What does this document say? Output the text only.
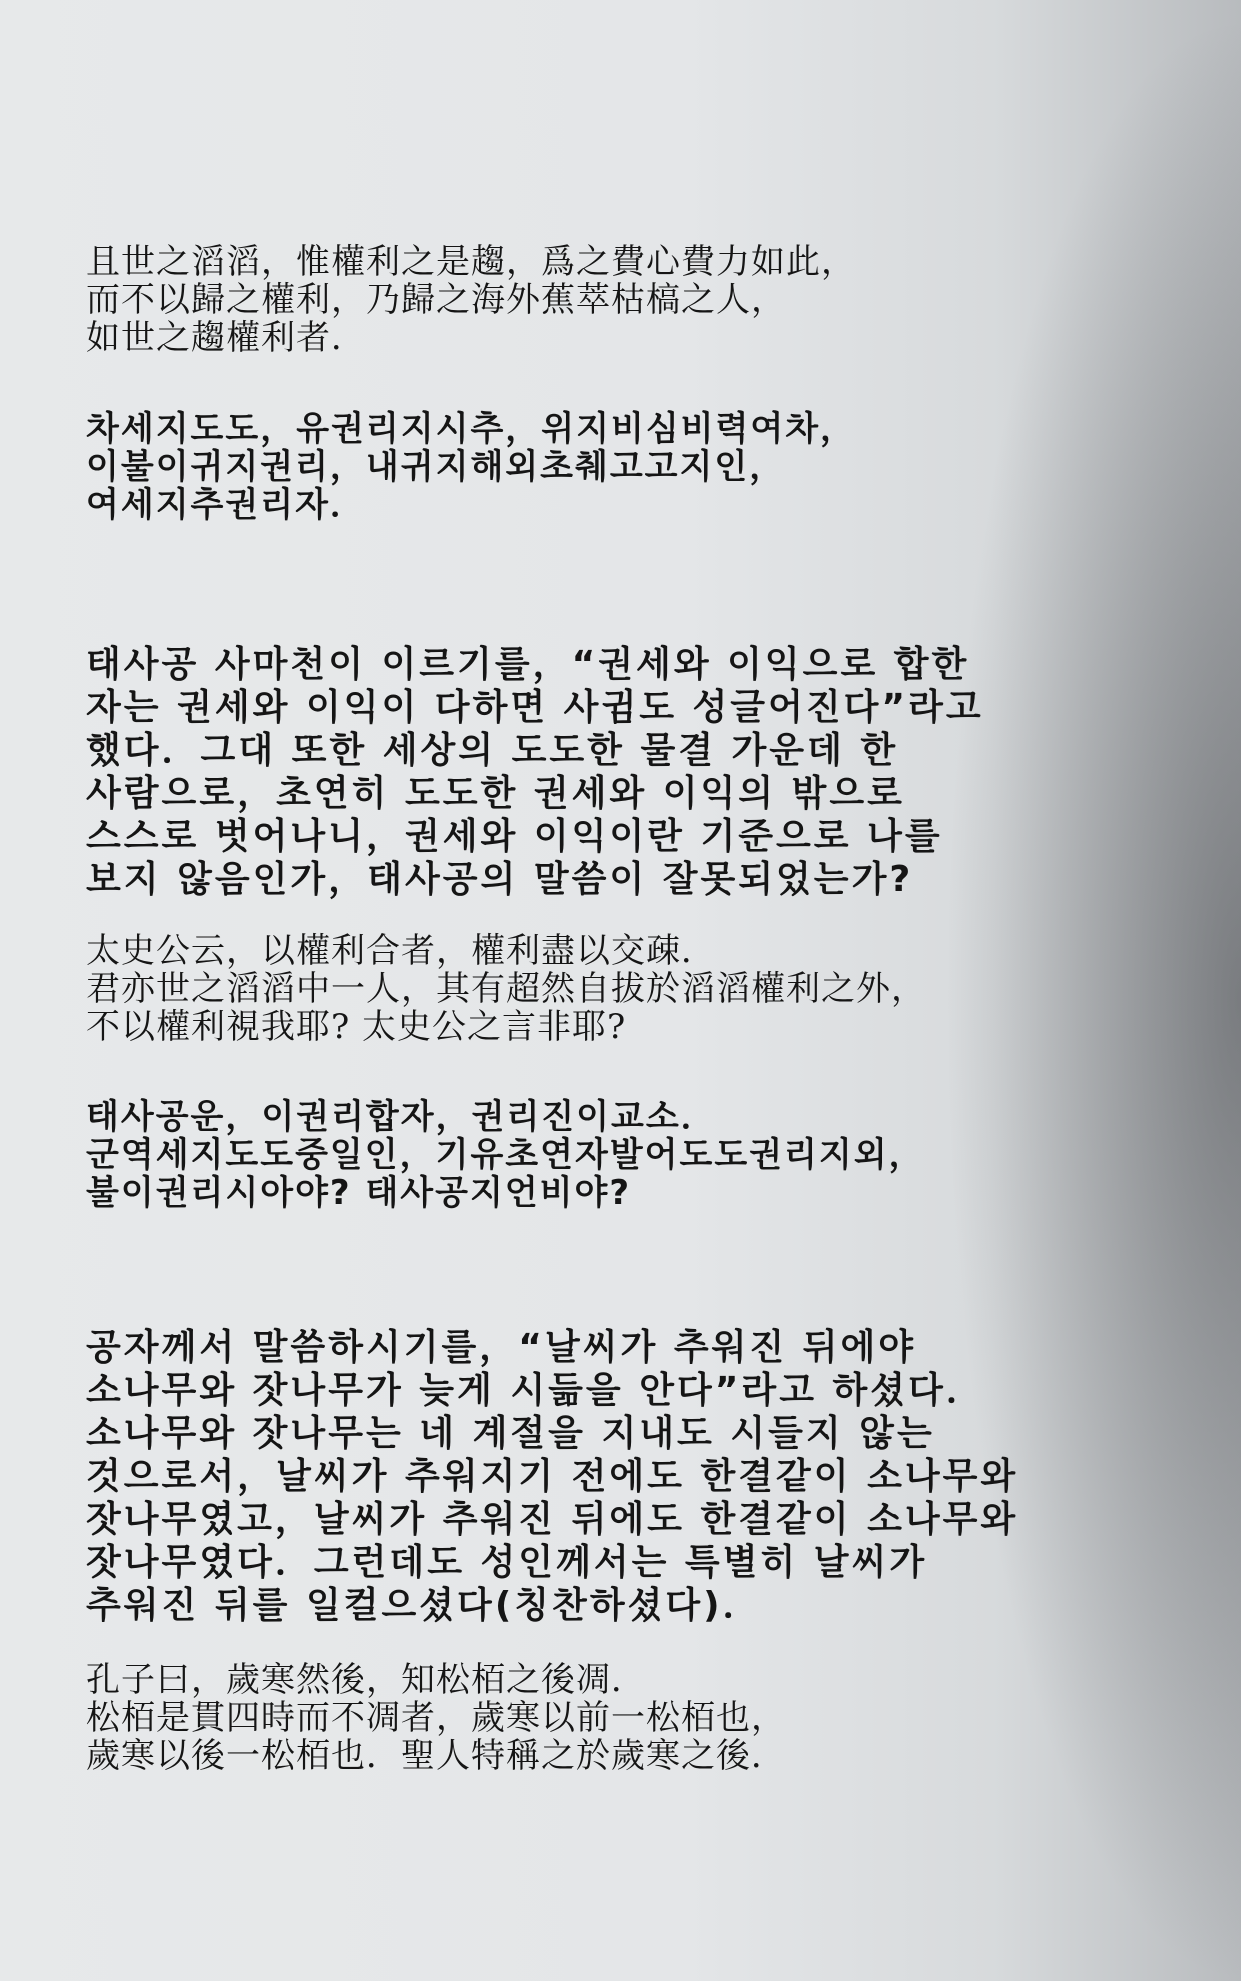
且世之滔滔，惟權利之是趨，爲之費心費力如此，
而不以歸之權利，乃歸之海外蕉萃枯槁之人，
如世之趨權利者．
차세지도도，유권리지시추，위지비심비력여차，
이불이귀지권리，내귀지해외초췌고고지인，
여세지추권리자．
태사공 사마천이 이르기를，“권세와 이익으로 합한
자는 권세와 이익이 다하면 사귐도 성글어진다”라고
했다．그대 또한 세상의 도도한 물결 가운데 한
사람으로，초연히 도도한 권세와 이익의 밖으로
스스로 벗어나니，권세와 이익이란 기준으로 나를
보지 않음인가，태사공의 말씀이 잘못되었는가?
太史公云，以權利合者，權利盡以交疎．
君亦世之滔滔中一人，其有超然自拔於滔滔權利之外，
不以權利視我耶? 太史公之言非耶?
태사공운，이권리합자，권리진이교소．
군역세지도도중일인，기유초연자발어도도권리지외，
불이권리시아야? 태사공지언비야?
공자께서 말씀하시기를，“날씨가 추워진 뒤에야
소나무와 잣나무가 늦게 시듦을 안다”라고 하셨다．
소나무와 잣나무는 네 계절을 지내도 시들지 않는
것으로서，날씨가 추워지기 전에도 한결같이 소나무와
잣나무였고，날씨가 추워진 뒤에도 한결같이 소나무와
잣나무였다．그런데도 성인께서는 특별히 날씨가
추워진 뒤를 일컬으셨다(칭찬하셨다)．
孔子曰，歲寒然後，知松栢之後凋．
松栢是貫四時而不凋者，歲寒以前一松栢也，
歲寒以後一松栢也．聖人特稱之於歲寒之後．
